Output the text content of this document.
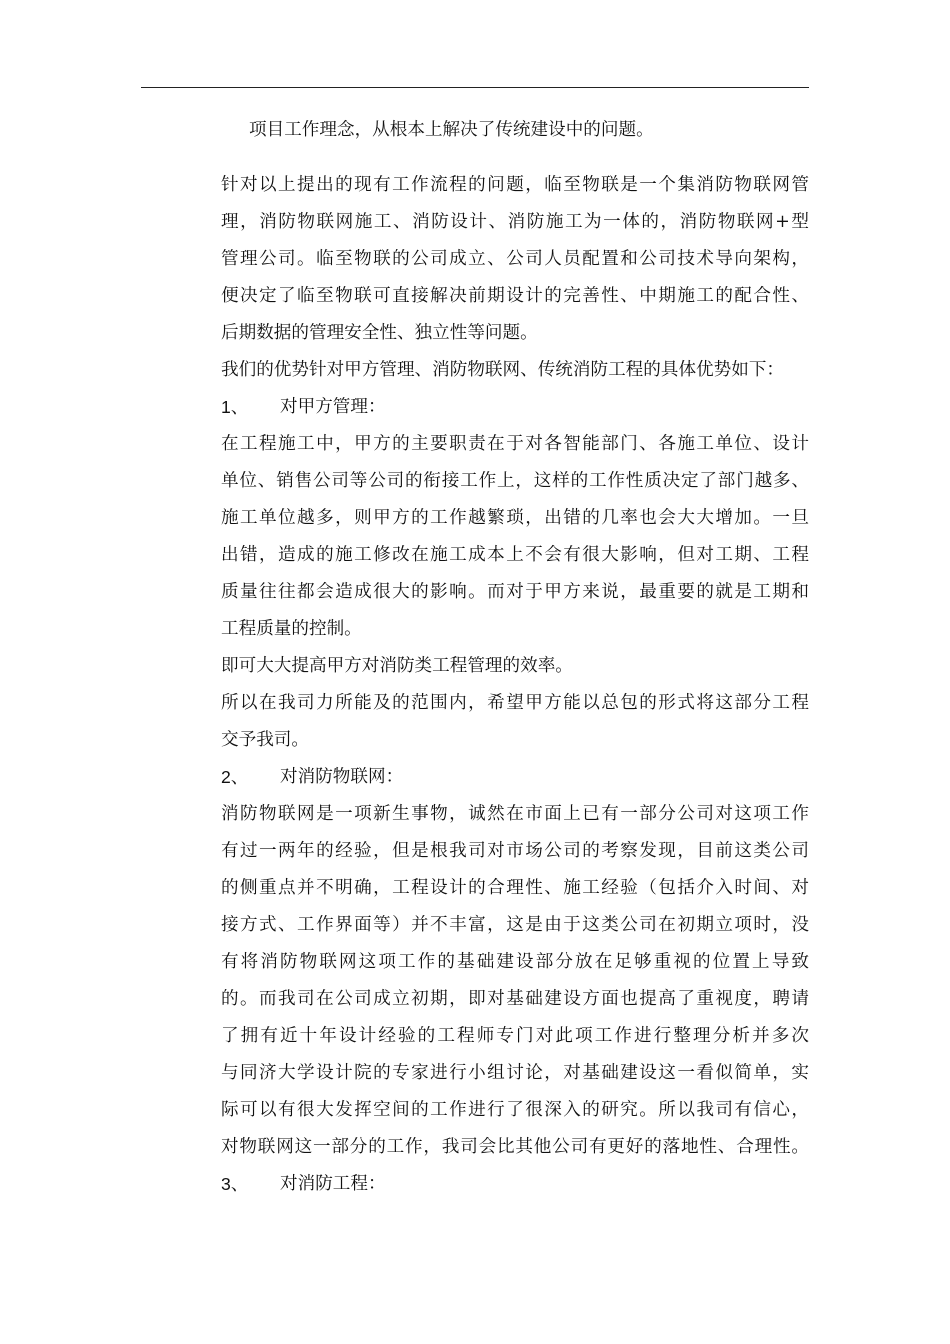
项目工作理念，从根本上解决了传统建设中的问题。
针对以上提出的现有工作流程的问题，临至物联是一个集消防物联网管
理，消防物联网施工、消防设计、消防施工为一体的，消防物联网+型
管理公司。临至物联的公司成立、公司人员配置和公司技术导向架构，
便决定了临至物联可直接解决前期设计的完善性、中期施工的配合性、
后期数据的管理安全性、独立性等问题。
我们的优势针对甲方管理、消防物联网、传统消防工程的具体优势如下：
1、	对甲方管理：
在工程施工中，甲方的主要职责在于对各智能部门、各施工单位、设计
单位、销售公司等公司的衔接工作上，这样的工作性质决定了部门越多、
施工单位越多，则甲方的工作越繁琐，出错的几率也会大大增加。一旦
出错，造成的施工修改在施工成本上不会有很大影响，但对工期、工程
质量往往都会造成很大的影响。而对于甲方来说，最重要的就是工期和
工程质量的控制。
即可大大提高甲方对消防类工程管理的效率。
所以在我司力所能及的范围内，希望甲方能以总包的形式将这部分工程
交予我司。
2、	对消防物联网：
消防物联网是一项新生事物，诚然在市面上已有一部分公司对这项工作
有过一两年的经验，但是根我司对市场公司的考察发现，目前这类公司
的侧重点并不明确，工程设计的合理性、施工经验（包括介入时间、对
接方式、工作界面等）并不丰富，这是由于这类公司在初期立项时，没
有将消防物联网这项工作的基础建设部分放在足够重视的位置上导致
的。而我司在公司成立初期，即对基础建设方面也提高了重视度，聘请
了拥有近十年设计经验的工程师专门对此项工作进行整理分析并多次
与同济大学设计院的专家进行小组讨论，对基础建设这一看似简单，实
际可以有很大发挥空间的工作进行了很深入的研究。所以我司有信心，
对物联网这一部分的工作，我司会比其他公司有更好的落地性、合理性。
3、	对消防工程：
